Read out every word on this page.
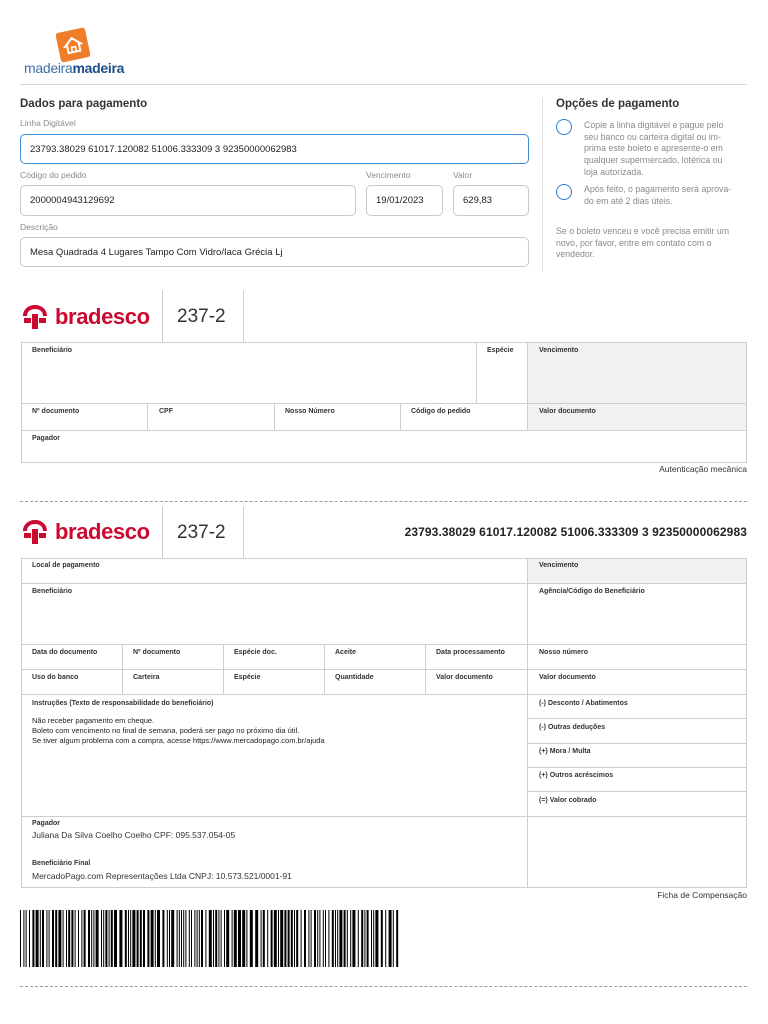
madeiramadeira
Dados para pagamento
Linha Digitável
23793.38029 61017.120082 51006.333309 3 92350000062983
Código do pedido
2000004943129692
Vencimento
19/01/2023
Valor
629,83
Descrição
Mesa Quadrada 4 Lugares Tampo Com Vidro/Iaca Grécia Lj
Opções de pagamento
Copie a linha digitável e pague pelo
seu banco ou carteira digital ou im-
prima este boleto e apresente-o em
qualquer supermercado, lotérica ou
loja autorizada.
Após feito, o pagamento será aprova-
do em até 2 dias úteis.
Se o boleto venceu e você precisa emitir um
novo, por favor, entre em contato com o
vendedor.
bradesco 237-2
Beneficiário	Espécie	Vencimento
Nº documento	CPF	Nosso Número	Código do pedido	Valor documento
Pagador
Autenticação mecânica
bradesco 237-2	23793.38029 61017.120082 51006.333309 3 92350000062983
Local de pagamento	Vencimento
Beneficiário	Agência/Código do Beneficiário
Data do documento	Nº documento	Espécie doc.	Aceite	Data processamento	Nosso número
Uso do banco	Carteira	Espécie	Quantidade	Valor documento	Valor documento
Instruções (Texto de responsabilidade do beneficiário)
Não receber pagamento em cheque.
Boleto com vencimento no final de semana, poderá ser pago no próximo dia útil.
Se tiver algum problema com a compra, acesse https://www.mercadopago.com.br/ajuda
(-) Desconto / Abatimentos
(-) Outras deduções
(+) Mora / Multa
(+) Outros acréscimos
(=) Valor cobrado
Pagador
Juliana Da Silva Coelho Coelho CPF: 095.537.054-05
Beneficiário Final
MercadoPago.com Representações Ltda CNPJ: 10.573.521/0001-91
Ficha de Compensação
